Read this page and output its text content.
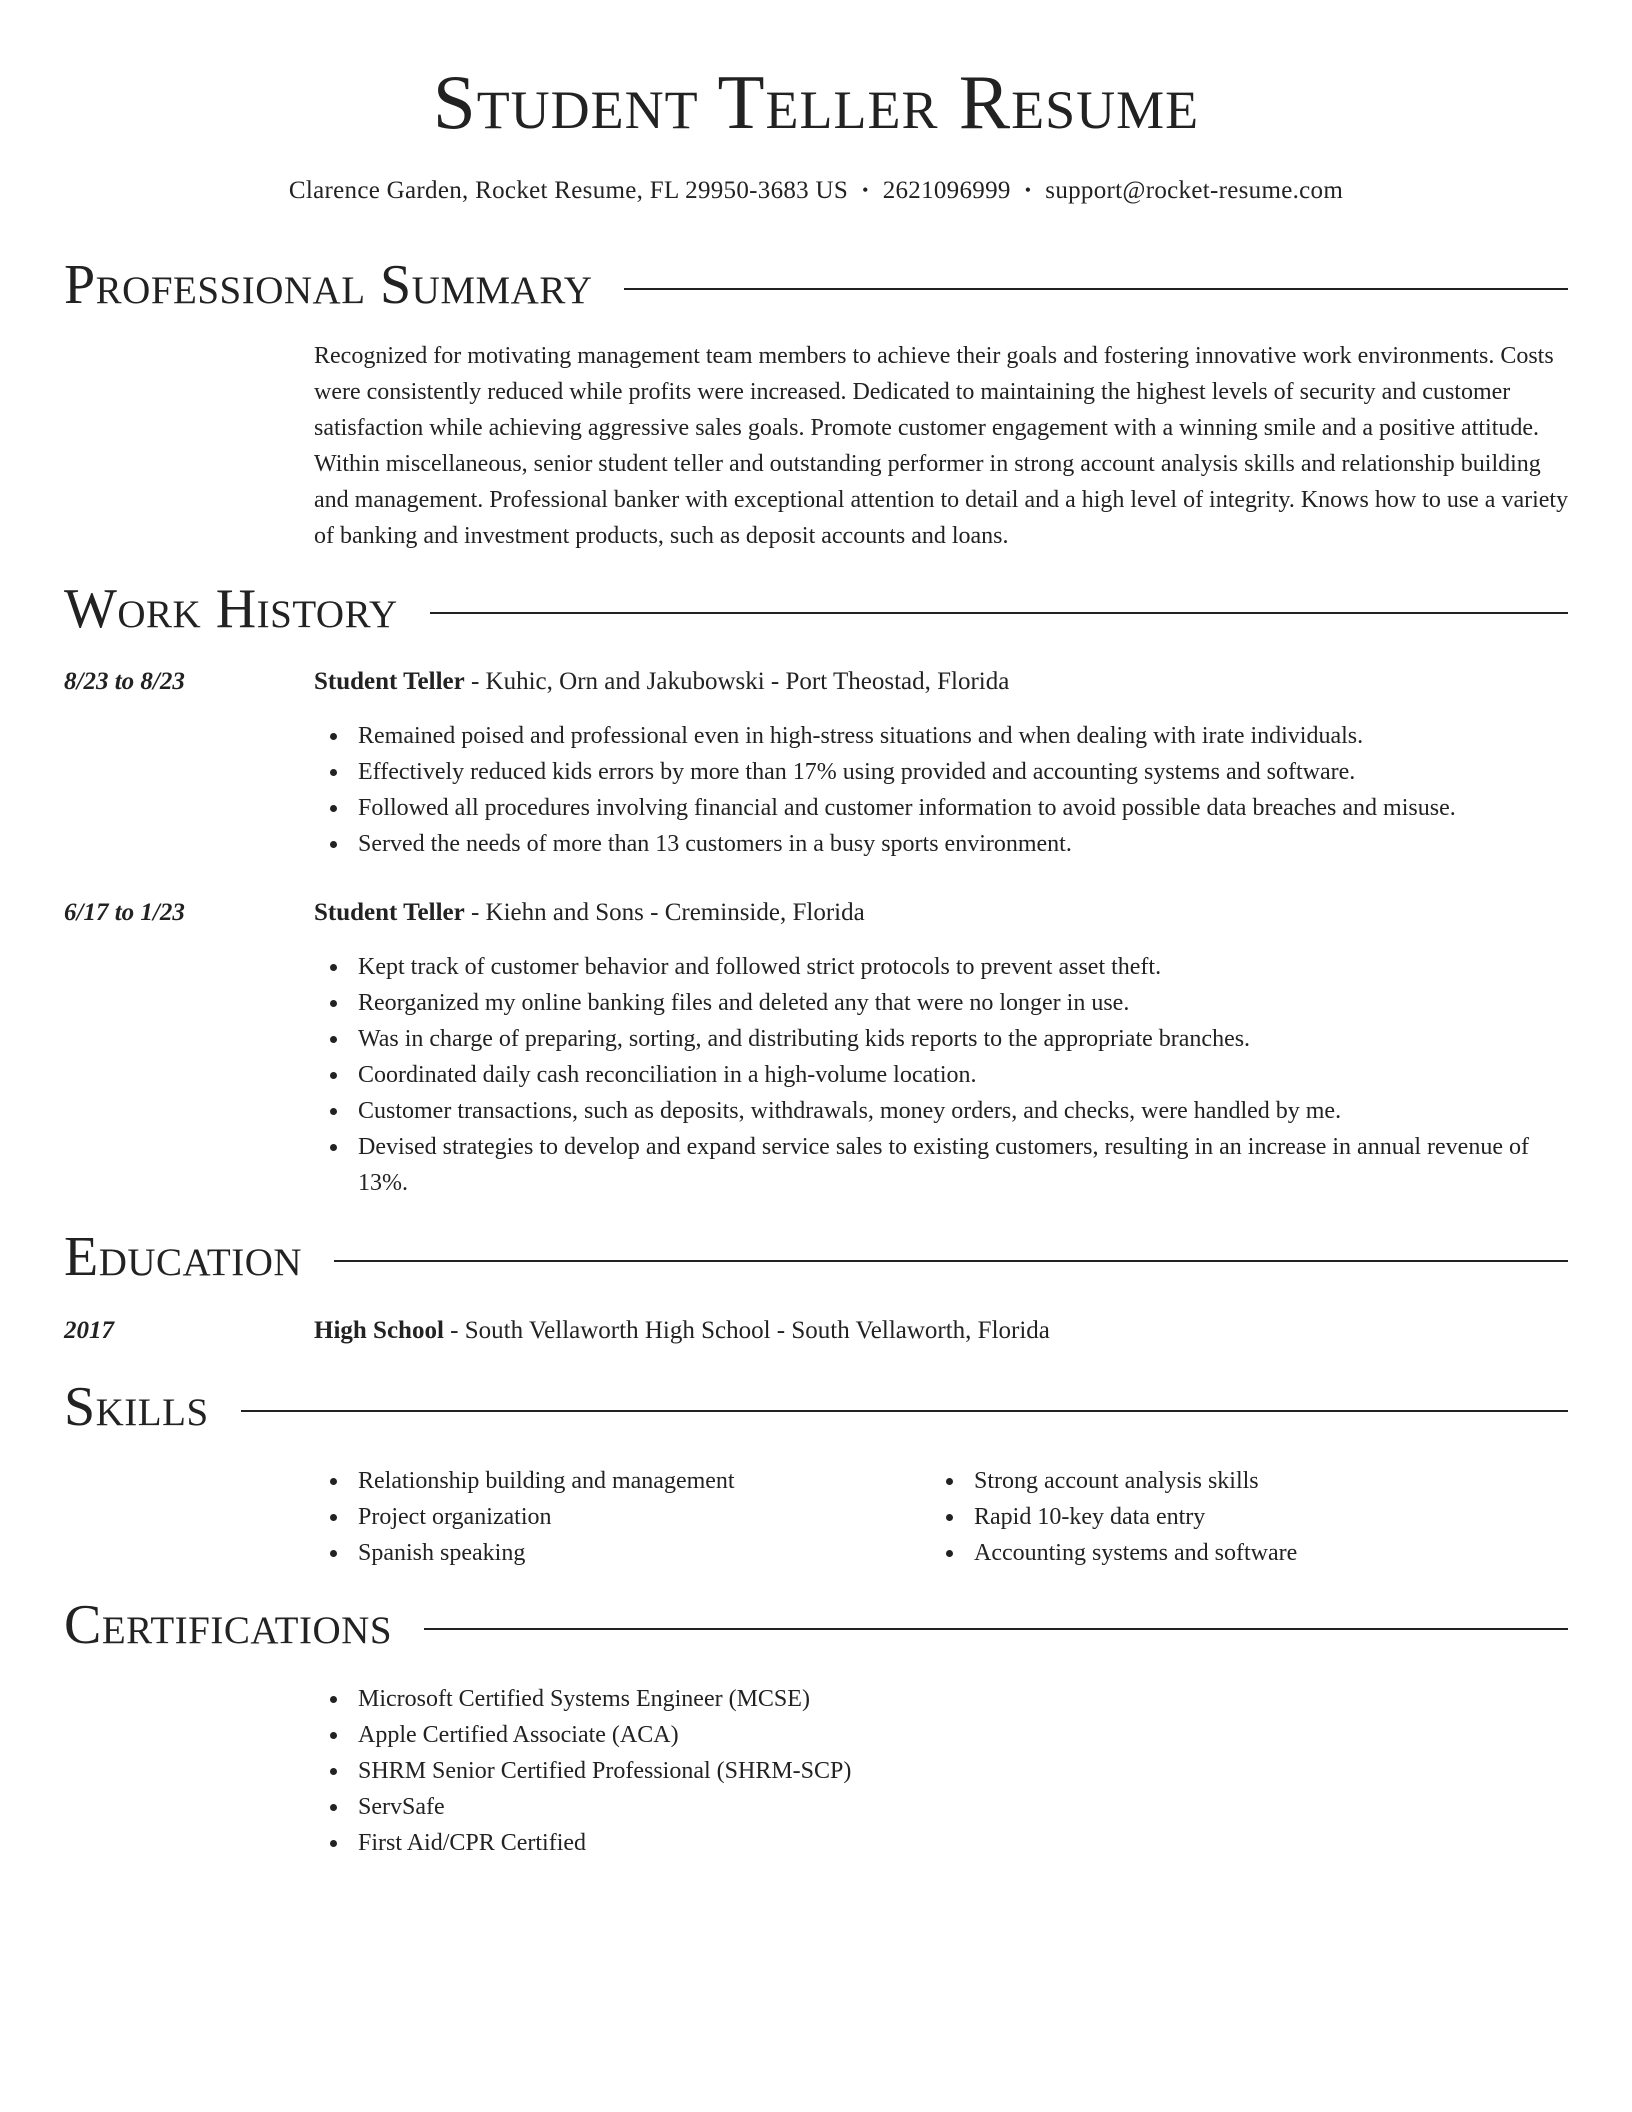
Student Teller Resume
Clarence Garden, Rocket Resume, FL 29950-3683 US • 2621096999 • support@rocket-resume.com
Professional Summary

Recognized for motivating management team members to achieve their goals and fostering innovative work environments. Costs were consistently reduced while profits were increased. Dedicated to maintaining the highest levels of security and customer satisfaction while achieving aggressive sales goals. Promote customer engagement with a winning smile and a positive attitude. Within miscellaneous, senior student teller and outstanding performer in strong account analysis skills and relationship building and management. Professional banker with exceptional attention to detail and a high level of integrity. Knows how to use a variety of banking and investment products, such as deposit accounts and loans.

Work History
8/23 to 8/23	Student Teller - Kuhic, Orn and Jakubowski - Port Theostad, Florida
Remained poised and professional even in high-stress situations and when dealing with irate individuals.
Effectively reduced kids errors by more than 17% using provided and accounting systems and software.
Followed all procedures involving financial and customer information to avoid possible data breaches and misuse.
Served the needs of more than 13 customers in a busy sports environment.
6/17 to 1/23	Student Teller - Kiehn and Sons - Creminside, Florida
Kept track of customer behavior and followed strict protocols to prevent asset theft.
Reorganized my online banking files and deleted any that were no longer in use.
Was in charge of preparing, sorting, and distributing kids reports to the appropriate branches.
Coordinated daily cash reconciliation in a high-volume location.
Customer transactions, such as deposits, withdrawals, money orders, and checks, were handled by me.
Devised strategies to develop and expand service sales to existing customers, resulting in an increase in annual revenue of 13%.
Education
2017	High School - South Vellaworth High School - South Vellaworth, Florida
Skills
Relationship building and management
Project organization
Spanish speaking
Strong account analysis skills
Rapid 10-key data entry
Accounting systems and software
Certifications
Microsoft Certified Systems Engineer (MCSE)
Apple Certified Associate (ACA)
SHRM Senior Certified Professional (SHRM-SCP)
ServSafe
First Aid/CPR Certified
